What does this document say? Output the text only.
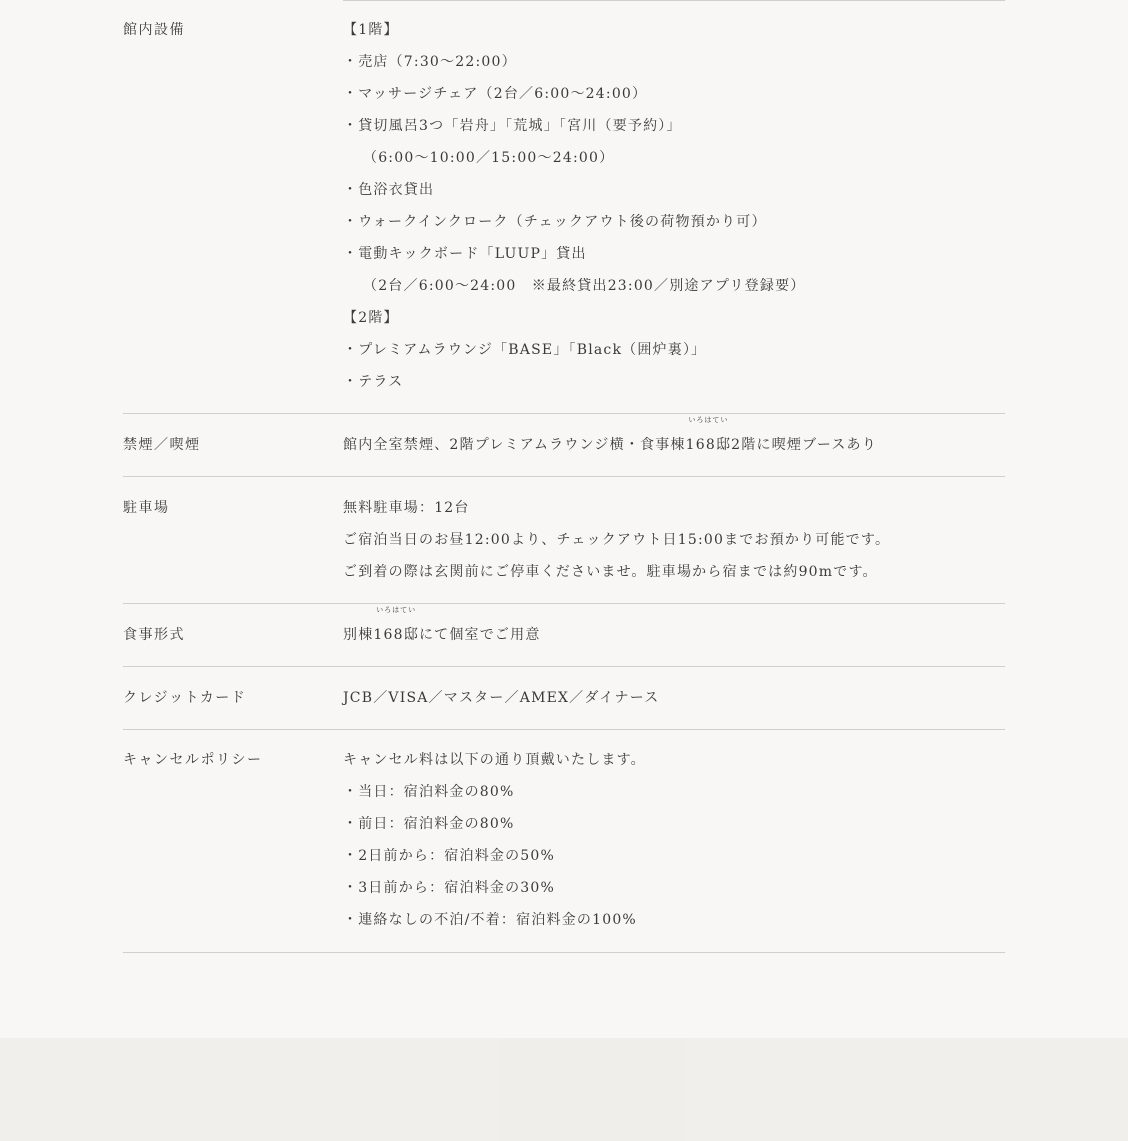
館内設備	【1階】
・売店（7:30～22:00）
・マッサージチェア（2台／6:00～24:00）
・貸切風呂3つ「岩舟」「荒城」「宮川（要予約）」
（6:00～10:00／15:00～24:00）
・色浴衣貸出
・ウォークインクローク（チェックアウト後の荷物預かり可）
・電動キックボード「LUUP」貸出
（2台／6:00～24:00　※最終貸出23:00／別途アプリ登録要）
【2階】
・プレミアムラウンジ「BASE」「Black（囲炉裏）」
・テラス
禁煙／喫煙	館内全室禁煙、2階プレミアムラウンジ横・食事棟
いろはてい
168邸2階に喫煙ブースあり
駐車場	無料駐車場：12台
ご宿泊当日のお昼12:00より、チェックアウト日15:00までお預かり可能です。
ご到着の際は玄関前にご停車くださいませ。駐車場から宿までは約90mです。
食事形式	別棟
いろはてい
168邸にて個室でご用意
クレジットカード	JCB／VISA／マスター／AMEX／ダイナース
キャンセルポリシー	キャンセル料は以下の通り頂戴いたします。
・当日：宿泊料金の80%
・前日：宿泊料金の80%
・2日前から：宿泊料金の50%
・3日前から：宿泊料金の30%
・連絡なしの不泊/不着：宿泊料金の100%
